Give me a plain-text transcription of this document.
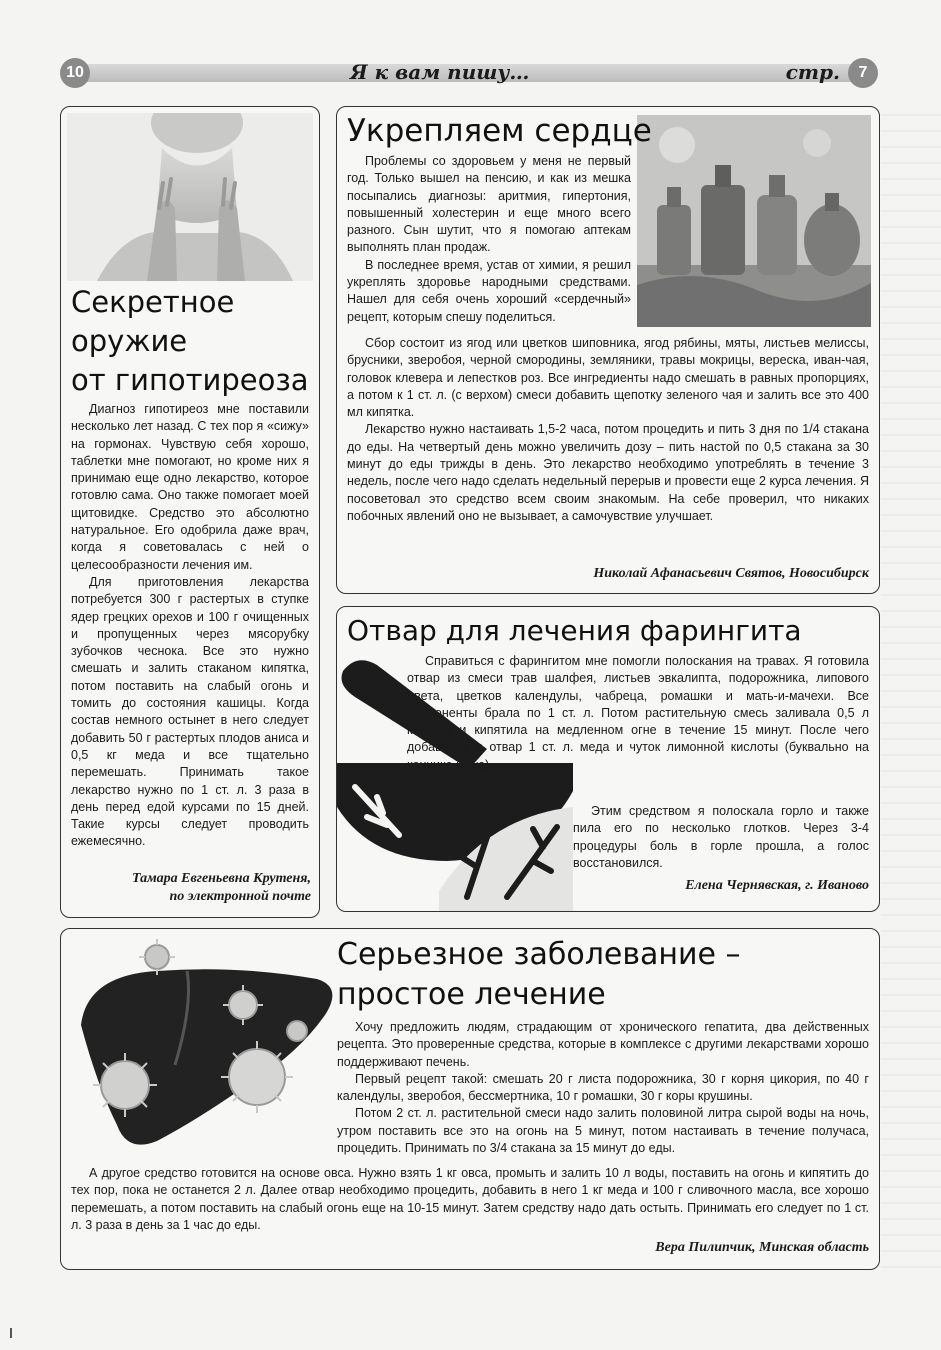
10	Я к вам пишу…	стр.	7
Секретное
оружие
от гипотиреоза

Диагноз гипотиреоз мне поставили несколько лет назад. С тех пор я «сижу» на гормонах. Чувствую себя хорошо, таблетки мне помогают, но кроме них я принимаю еще одно лекарство, которое готовлю сама. Оно также помогает моей щитовидке. Средство это абсолютно натуральное. Его одобрила даже врач, когда я советовалась с ней о целесообразности лечения им.

Для приготовления лекарства потребуется 300 г растертых в ступке ядер грецких орехов и 100 г очищенных и пропущенных через мясорубку зубочков чеснока. Все это нужно смешать и залить стаканом кипятка, потом поставить на слабый огонь и томить до состояния кашицы. Когда состав немного остынет в него следует добавить 50 г растертых плодов аниса и 0,5 кг меда и все тщательно перемешать. Принимать такое лекарство нужно по 1 ст. л. 3 раза в день перед едой курсами по 15 дней. Такие курсы следует проводить ежемесячно.

Тамара Евгеньевна Крутеня,
по электронной почте
Укрепляем сердце

Проблемы со здоровьем у меня не первый год. Только вышел на пенсию, и как из мешка посыпались диагнозы: аритмия, гипертония, повышенный холестерин и еще много всего разного. Сын шутит, что я помогаю аптекам выполнять план продаж.

В последнее время, устав от химии, я решил укреплять здоровье народными средствами. Нашел для себя очень хороший «сердечный» рецепт, которым спешу поделиться.

Сбор состоит из ягод или цветков шиповника, ягод рябины, мяты, листьев мелиссы, брусники, зверобоя, черной смородины, земляники, травы мокрицы, вереска, иван-чая, головок клевера и лепестков роз. Все ингредиенты надо смешать в равных пропорциях, а потом к 1 ст. л. (с верхом) смеси добавить щепотку зеленого чая и залить все это 400 мл кипятка.

Лекарство нужно настаивать 1,5-2 часа, потом процедить и пить 3 дня по 1/4 стакана до еды. На четвертый день можно увеличить дозу – пить настой по 0,5 стакана за 30 минут до еды трижды в день. Это лекарство необходимо употреблять в течение 3 недель, после чего надо сделать недельный перерыв и провести еще 2 курса лечения. Я посоветовал это средство всем своим знакомым. На себе проверил, что никаких побочных явлений оно не вызывает, а самочувствие улучшает.

Николай Афанасьевич Святов, Новосибирск
Отвар для лечения фарингита

Справиться с фарингитом мне помогли полоскания на травах. Я готовила отвар из смеси трав шалфея, листьев эвкалипта, подорожника, липового цвета, цветков календулы, чабреца, ромашки и мать-и-мачехи. Все компоненты брала по 1 ст. л. Потом растительную смесь заливала 0,5 л кипятка и кипятила на медленном огне в течение 15 минут. После чего добавляла в отвар 1 ст. л. меда и чуток лимонной кислоты (буквально на кончике ножа).

Этим средством я полоскала горло и также пила его по несколько глотков. Через 3-4 процедуры боль в горле прошла, а голос восстановился.

Елена Чернявская, г. Иваново
Серьезное заболевание –
простое лечение

Хочу предложить людям, страдающим от хронического гепатита, два действенных рецепта. Это проверенные средства, которые в комплексе с другими лекарствами хорошо поддерживают печень.

Первый рецепт такой: смешать 20 г листа подорожника, 30 г корня цикория, по 40 г календулы, зверобоя, бессмертника, 10 г ромашки, 30 г коры крушины.

Потом 2 ст. л. растительной смеси надо залить половиной литра сырой воды на ночь, утром поставить все это на огонь на 5 минут, потом настаивать в течение получаса, процедить. Принимать по 3/4 стакана за 15 минут до еды.

А другое средство готовится на основе овса. Нужно взять 1 кг овса, промыть и залить 10 л воды, поставить на огонь и кипятить до тех пор, пока не останется 2 л. Далее отвар необходимо процедить, добавить в него 1 кг меда и 100 г сливочного масла, все хорошо перемешать, а потом поставить на слабый огонь еще на 10-15 минут. Затем средству надо дать остыть. Принимать его следует по 1 ст. л. 3 раза в день за 1 час до еды.

Вера Пилипчик, Минская область
